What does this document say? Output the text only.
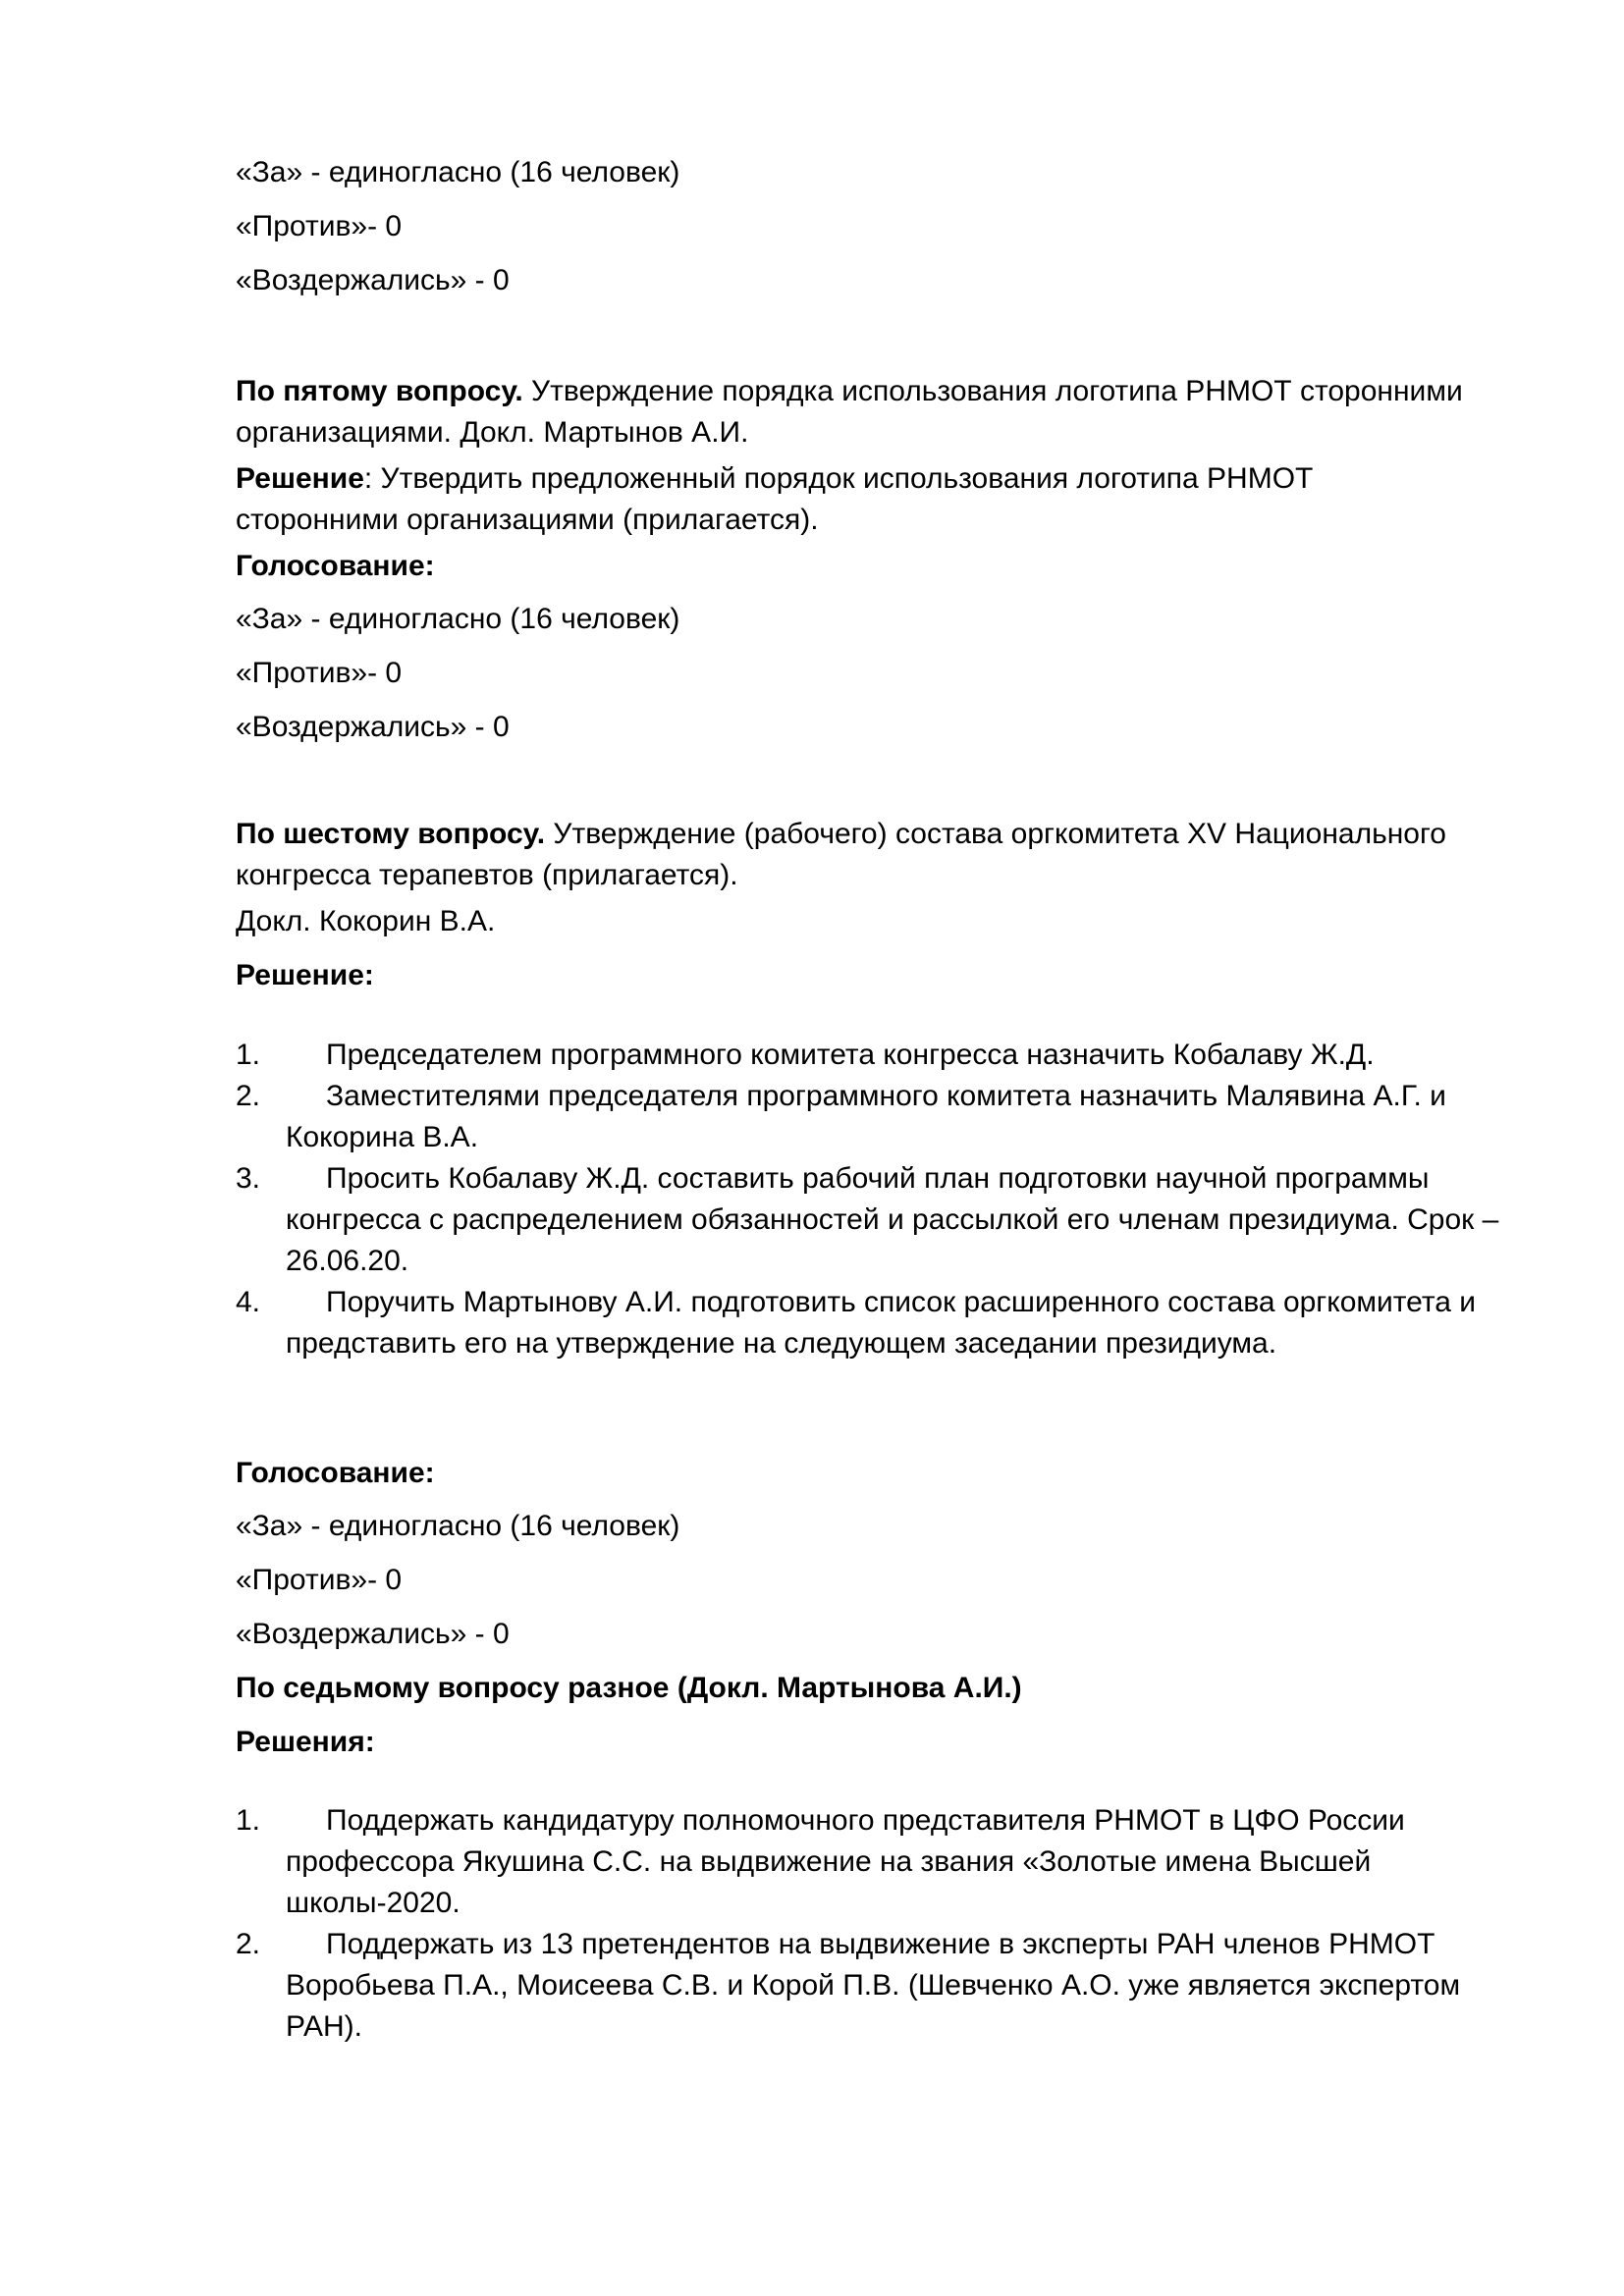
«За» - единогласно (16 человек)

«Против»- 0

«Воздержались» - 0

По пятому вопросу. Утверждение порядка использования логотипа РНМОТ сторонними организациями. Докл. Мартынов А.И.

Решение: Утвердить предложенный порядок использования логотипа РНМОТ сторонними организациями (прилагается).

Голосование:

«За» - единогласно (16 человек)

«Против»- 0

«Воздержались» - 0

По шестому вопросу. Утверждение (рабочего) состава оргкомитета XV Национального конгресса терапевтов (прилагается).

Докл. Кокорин В.А.

Решение:

1.	Председателем программного комитета конгресса назначить Кобалаву Ж.Д.
2.	Заместителями председателя программного комитета назначить Малявина А.Г. и Кокорина В.А.
3.	Просить Кобалаву Ж.Д. составить рабочий план подготовки научной программы конгресса с распределением обязанностей и рассылкой его членам президиума. Срок – 26.06.20.
4.	Поручить Мартынову А.И. подготовить список расширенного состава оргкомитета и представить его на утверждение на следующем заседании президиума.

Голосование:

«За» - единогласно (16 человек)

«Против»- 0

«Воздержались» - 0

По седьмому вопросу разное (Докл. Мартынова А.И.)

Решения:

1.	Поддержать кандидатуру полномочного представителя РНМОТ в ЦФО России профессора Якушина С.С. на выдвижение на звания «Золотые имена Высшей школы-2020.
2.	Поддержать из 13 претендентов на выдвижение в эксперты РАН членов РНМОТ Воробьева П.А., Моисеева С.В. и Корой П.В. (Шевченко А.О. уже является экспертом РАН).
